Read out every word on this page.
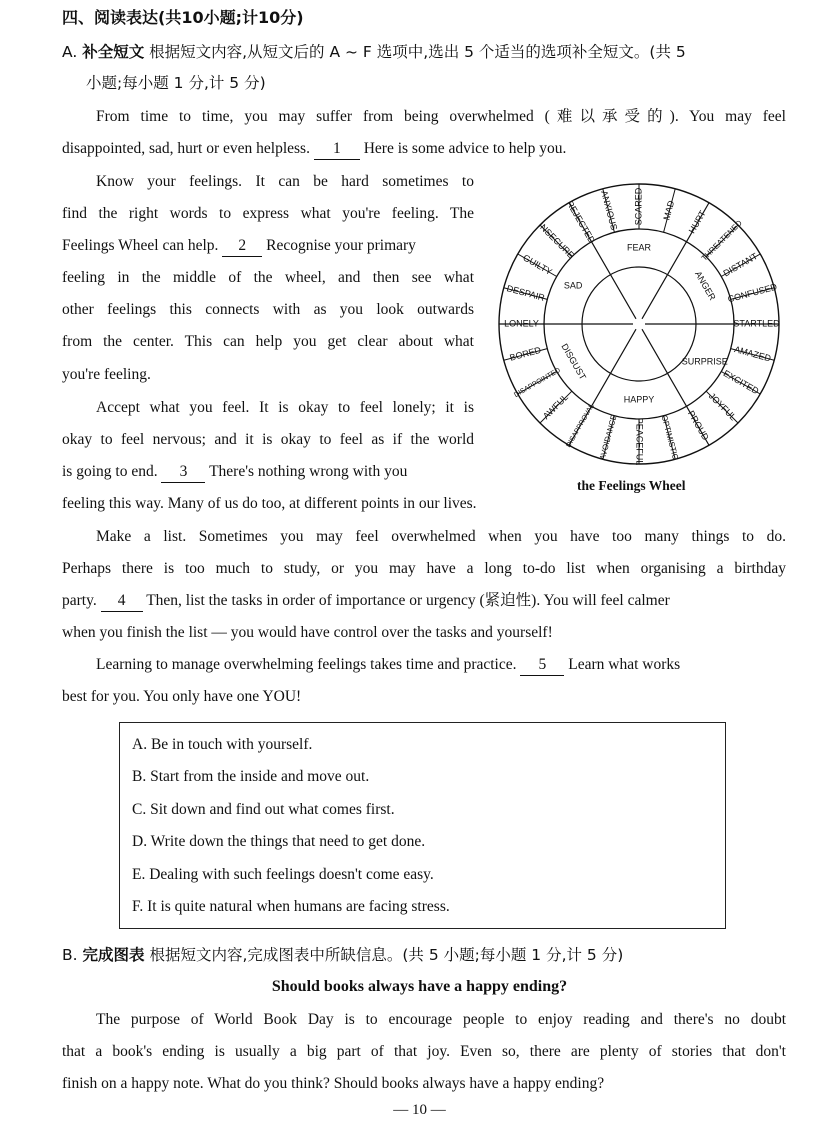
四、阅读表达(共10小题;计10分)
A. 补全短文 根据短文内容,从短文后的 A ~ F 选项中,选出 5 个适当的选项补全短文。(共 5
小题;每小题 1 分,计 5 分)
From time to time, you may suffer from being overwhelmed (难以承受的). You may feel
disappointed, sad, hurt or even helpless. 1 Here is some advice to help you.
Know your feelings. It can be hard sometimes to
find the right words to express what you're feeling. The
Feelings Wheel can help. 2 Recognise your primary
feeling in the middle of the wheel, and then see what
other feelings this connects with as you look outwards
from the center. This can help you get clear about what
you're feeling.
Accept what you feel. It is okay to feel lonely; it is
okay to feel nervous; and it is okay to feel as if the world
is going to end. 3 There's nothing wrong with you
feeling this way. Many of us do too, at different points in our lives.
FEAR
ANGER
SURPRISE
HAPPY
DISGUST
SAD
SCARED MAD HURT
THREATENED
DISTANT
CONFUSED
STARTLED
AMAZED
EXCITED
JOYFUL
PROUD
OPTIMISTIC
PEACEFUL
AVOIDANCE
DISAPPROVAL
AWFUL
DISAPPOINTED
BORED
LONELY
DESPAIR
GUILTY
INSECURE
REJECTED ANXIOUS
the Feelings Wheel
Make a list. Sometimes you may feel overwhelmed when you have too many things to do.
Perhaps there is too much to study, or you may have a long to-do list when organising a birthday
party. 4 Then, list the tasks in order of importance or urgency (紧迫性). You will feel calmer
when you finish the list — you would have control over the tasks and yourself!
Learning to manage overwhelming feelings takes time and practice. 5 Learn what works
best for you. You only have one YOU!
A. Be in touch with yourself.
B. Start from the inside and move out.
C. Sit down and find out what comes first.
D. Write down the things that need to get done.
E. Dealing with such feelings doesn't come easy.
F. It is quite natural when humans are facing stress.
B. 完成图表 根据短文内容,完成图表中所缺信息。(共 5 小题;每小题 1 分,计 5 分)
Should books always have a happy ending?
The purpose of World Book Day is to encourage people to enjoy reading and there's no doubt
that a book's ending is usually a big part of that joy. Even so, there are plenty of stories that don't
finish on a happy note. What do you think? Should books always have a happy ending?
— 10 —
